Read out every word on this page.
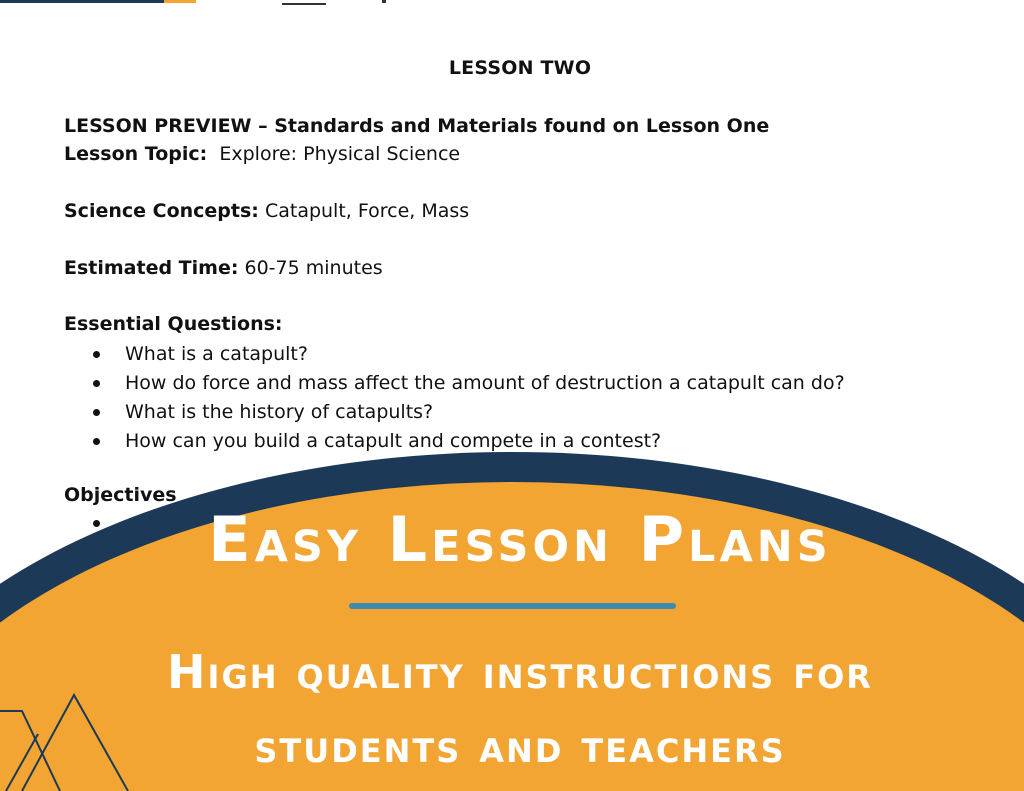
LESSON TWO
LESSON PREVIEW – Standards and Materials found on Lesson One
Lesson Topic: Explore: Physical Science
Science Concepts: Catapult, Force, Mass
Estimated Time: 60-75 minutes
Essential Questions:
What is a catapult?
How do force and mass affect the amount of destruction a catapult can do?
What is the history of catapults?
How can you build a catapult and compete in a contest?
Objectives
Easy Lesson Plans
High quality instructions for
students and teachers
